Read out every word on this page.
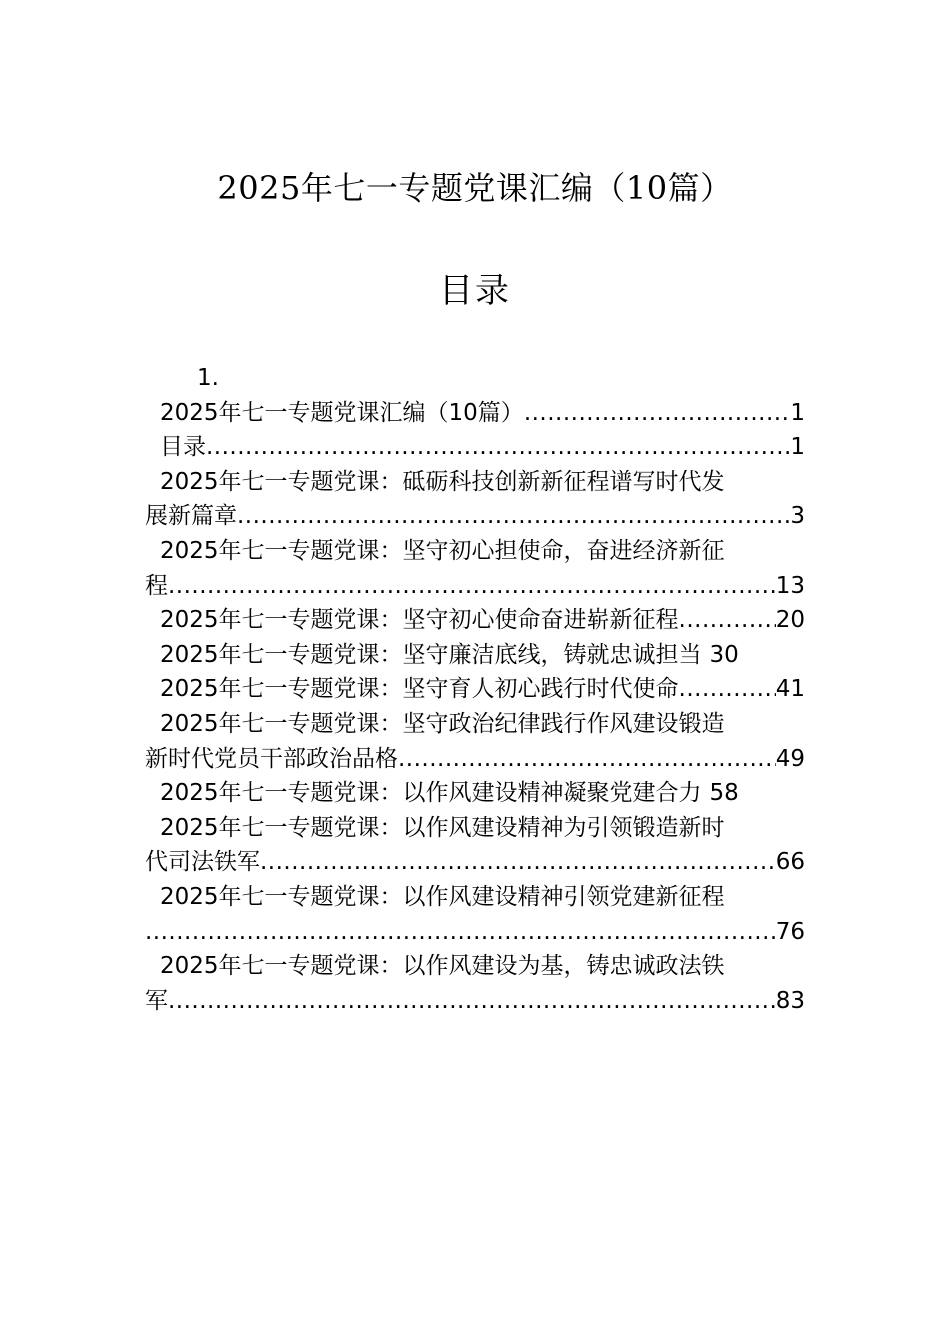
2025年七一专题党课汇编（10篇）
目录
1.
2025年七一专题党课汇编（10篇） .....	1
目录 .....	1
2025年七一专题党课：砥砺科技创新新征程谱写时代发
展新篇章 .....	3
2025年七一专题党课：坚守初心担使命，奋进经济新征
程 .....	13
2025年七一专题党课：坚守初心使命奋进崭新征程 .....	20
2025年七一专题党课：坚守廉洁底线，铸就忠诚担当 30
2025年七一专题党课：坚守育人初心践行时代使命 .....	41
2025年七一专题党课：坚守政治纪律践行作风建设锻造
新时代党员干部政治品格 .....	49
2025年七一专题党课：以作风建设精神凝聚党建合力 58
2025年七一专题党课：以作风建设精神为引领锻造新时
代司法铁军 .....	66
2025年七一专题党课：以作风建设精神引领党建新征程
.....
76
2025年七一专题党课：以作风建设为基，铸忠诚政法铁
军 .....	83
